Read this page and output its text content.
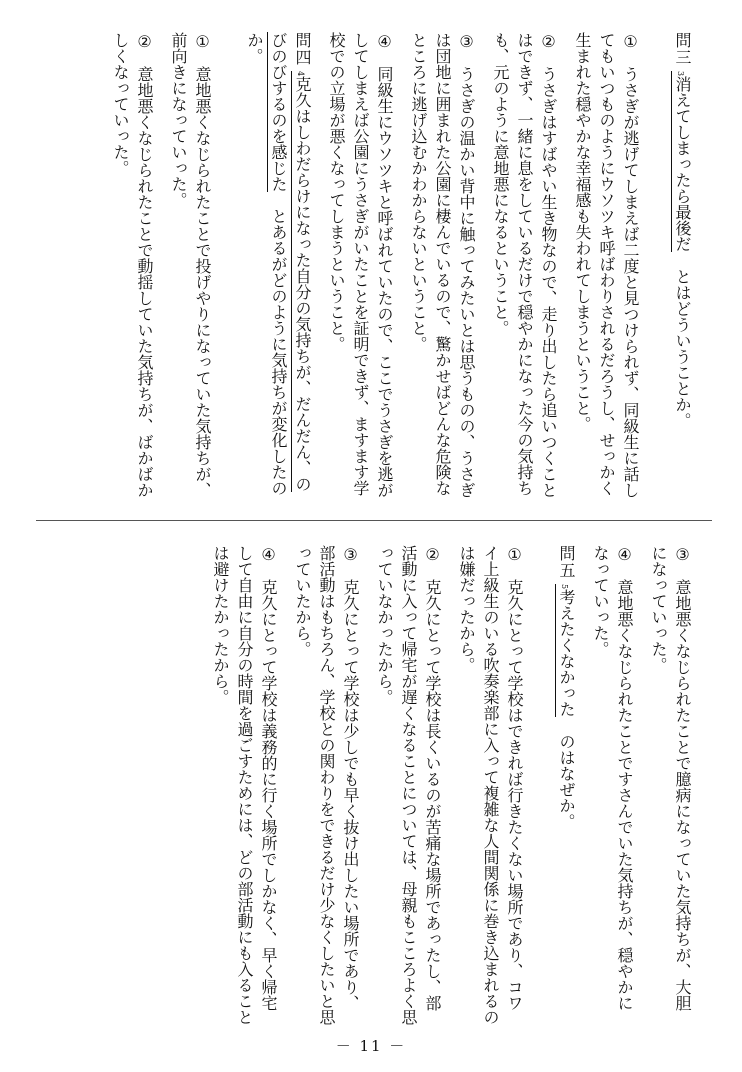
問三 3消えてしまったら最後だ　とはどういうことか。
① うさぎが逃げてしまえば二度と見つけられず、同級生に話してもいつものようにウソツキ呼ばわりされるだろうし、せっかく生まれた穏やかな幸福感も失われてしまうということ。
② うさぎはすばやい生き物なので、走り出したら追いつくことはできず、一緒に息をしているだけで穏やかになった今の気持ちも、元のように意地悪になるということ。
③ うさぎの温かい背中に触ってみたいとは思うものの、うさぎは団地に囲まれた公園に棲んでいるので、驚かせばどんな危険なところに逃げ込むかわからないということ。
④ 同級生にウソツキと呼ばれていたので、ここでうさぎを逃がしてしまえば公園にうさぎがいたことを証明できず、ますます学校での立場が悪くなってしまうということ。
問四 4克久はしわだらけになった自分の気持ちが、だんだん、のびのびするのを感じた　とあるがどのように気持ちが変化したのか。
① 意地悪くなじられたことで投げやりになっていた気持ちが、前向きになっていった。
② 意地悪くなじられたことで動揺していた気持ちが、ばかばかしくなっていった。
③ 意地悪くなじられたことで臆病になっていた気持ちが、大胆になっていった。
④ 意地悪くなじられたことですさんでいた気持ちが、穏やかになっていった。
問五 5考えたくなかった　のはなぜか。
① 克久にとって学校はできれば行きたくない場所であり、コワイ上級生のいる吹奏楽部に入って複雑な人間関係に巻き込まれるのは嫌だったから。
② 克久にとって学校は長くいるのが苦痛な場所であったし、部活動に入って帰宅が遅くなることについては、母親もこころよく思っていなかったから。
③ 克久にとって学校は少しでも早く抜け出したい場所であり、部活動はもちろん、学校との関わりをできるだけ少なくしたいと思っていたから。
④ 克久にとって学校は義務的に行く場所でしかなく、早く帰宅して自由に自分の時間を過ごすためには、どの部活動にも入ることは避けたかったから。
－ 11 －
